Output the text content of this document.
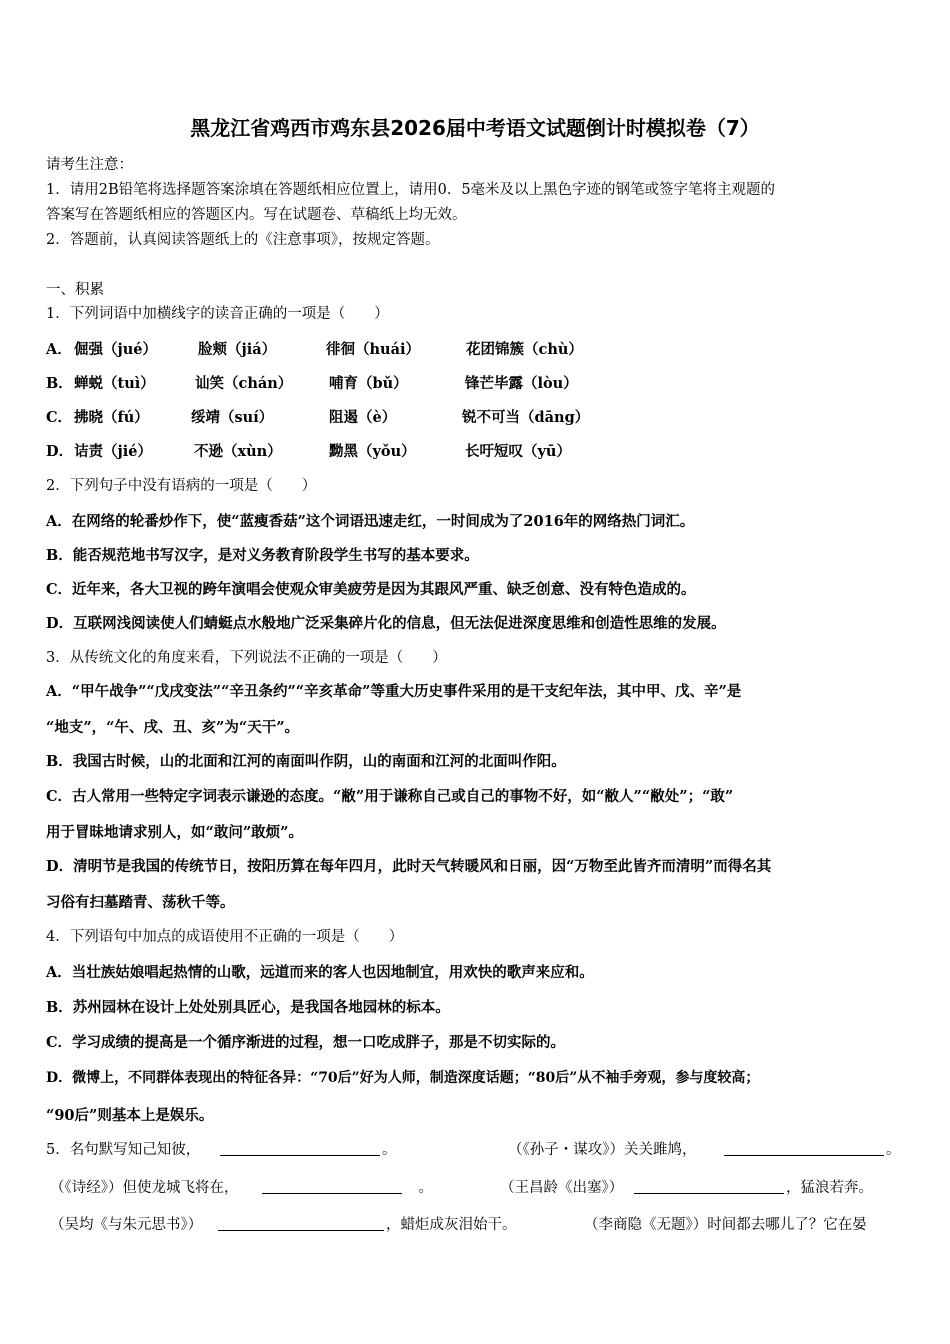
黑龙江省鸡西市鸡东县2026届中考语文试题倒计时模拟卷（7）
请考生注意：
1．请用2B铅笔将选择题答案涂填在答题纸相应位置上，请用0．5毫米及以上黑色字迹的钢笔或签字笔将主观题的
答案写在答题纸相应的答题区内。写在试题卷、草稿纸上均无效。
2．答题前，认真阅读答题纸上的《注意事项》，按规定答题。
一、积累
1．下列词语中加横线字的读音正确的一项是（　　）
A． 倔强（jué）	脸颊（jiá）	徘徊（huái）	花团锦簇（chù）
B． 蝉蜕（tuì）	讪笑（chán）	哺育（bǔ）	锋芒毕露（lòu）
C． 拂晓（fú）	绥靖（suí）	阻遏（è）	锐不可当（dāng）
D． 诘责（jié）	不逊（xùn）	黝黑（yǒu）	长吁短叹（yū）
2．下列句子中没有语病的一项是（　　）
A．在网络的轮番炒作下，使“蓝瘦香菇”这个词语迅速走红，一时间成为了2016年的网络热门词汇。
B．能否规范地书写汉字，是对义务教育阶段学生书写的基本要求。
C．近年来，各大卫视的跨年演唱会使观众审美疲劳是因为其跟风严重、缺乏创意、没有特色造成的。
D．互联网浅阅读使人们蜻蜓点水般地广泛采集碎片化的信息，但无法促进深度思维和创造性思维的发展。
3．从传统文化的角度来看，下列说法不正确的一项是（　　）
A．“甲午战争”“戊戌变法”“辛丑条约”“辛亥革命”等重大历史事件采用的是干支纪年法，其中甲、戊、辛”是
“地支”，“午、戌、丑、亥”为“天干”。
B．我国古时候，山的北面和江河的南面叫作阴，山的南面和江河的北面叫作阳。
C．古人常用一些特定字词表示谦逊的态度。“敝”用于谦称自己或自己的事物不好，如“敝人”“敝处”；“敢”
用于冒昧地请求别人，如“敢问”敢烦”。
D．清明节是我国的传统节日，按阳历算在每年四月，此时天气转暖风和日丽，因“万物至此皆齐而清明”而得名其
习俗有扫墓踏青、荡秋千等。
4．下列语句中加点的成语使用不正确的一项是（　　）
A．当壮族姑娘唱起热情的山歌，远道而来的客人也因地制宜，用欢快的歌声来应和。
B．苏州园林在设计上处处别具匠心，是我国各地园林的标本。
C．学习成绩的提高是一个循序渐进的过程，想一口吃成胖子，那是不切实际的。
D．微博上，不同群体表现出的特征各异：“70后”好为人师，制造深度话题；“80后”从不袖手旁观，参与度较高；
“90后”则基本上是娱乐。
5．名句默写知己知彼，	。	（《孙子・谋攻》）关关雎鸠，	。
（《诗经》）但使龙城飞将在，	　。	（王昌龄《出塞》）	，猛浪若奔。
（吴均《与朱元思书》）	，蜡炬成灰泪始干。	（李商隐《无题》）时间都去哪儿了？它在晏
